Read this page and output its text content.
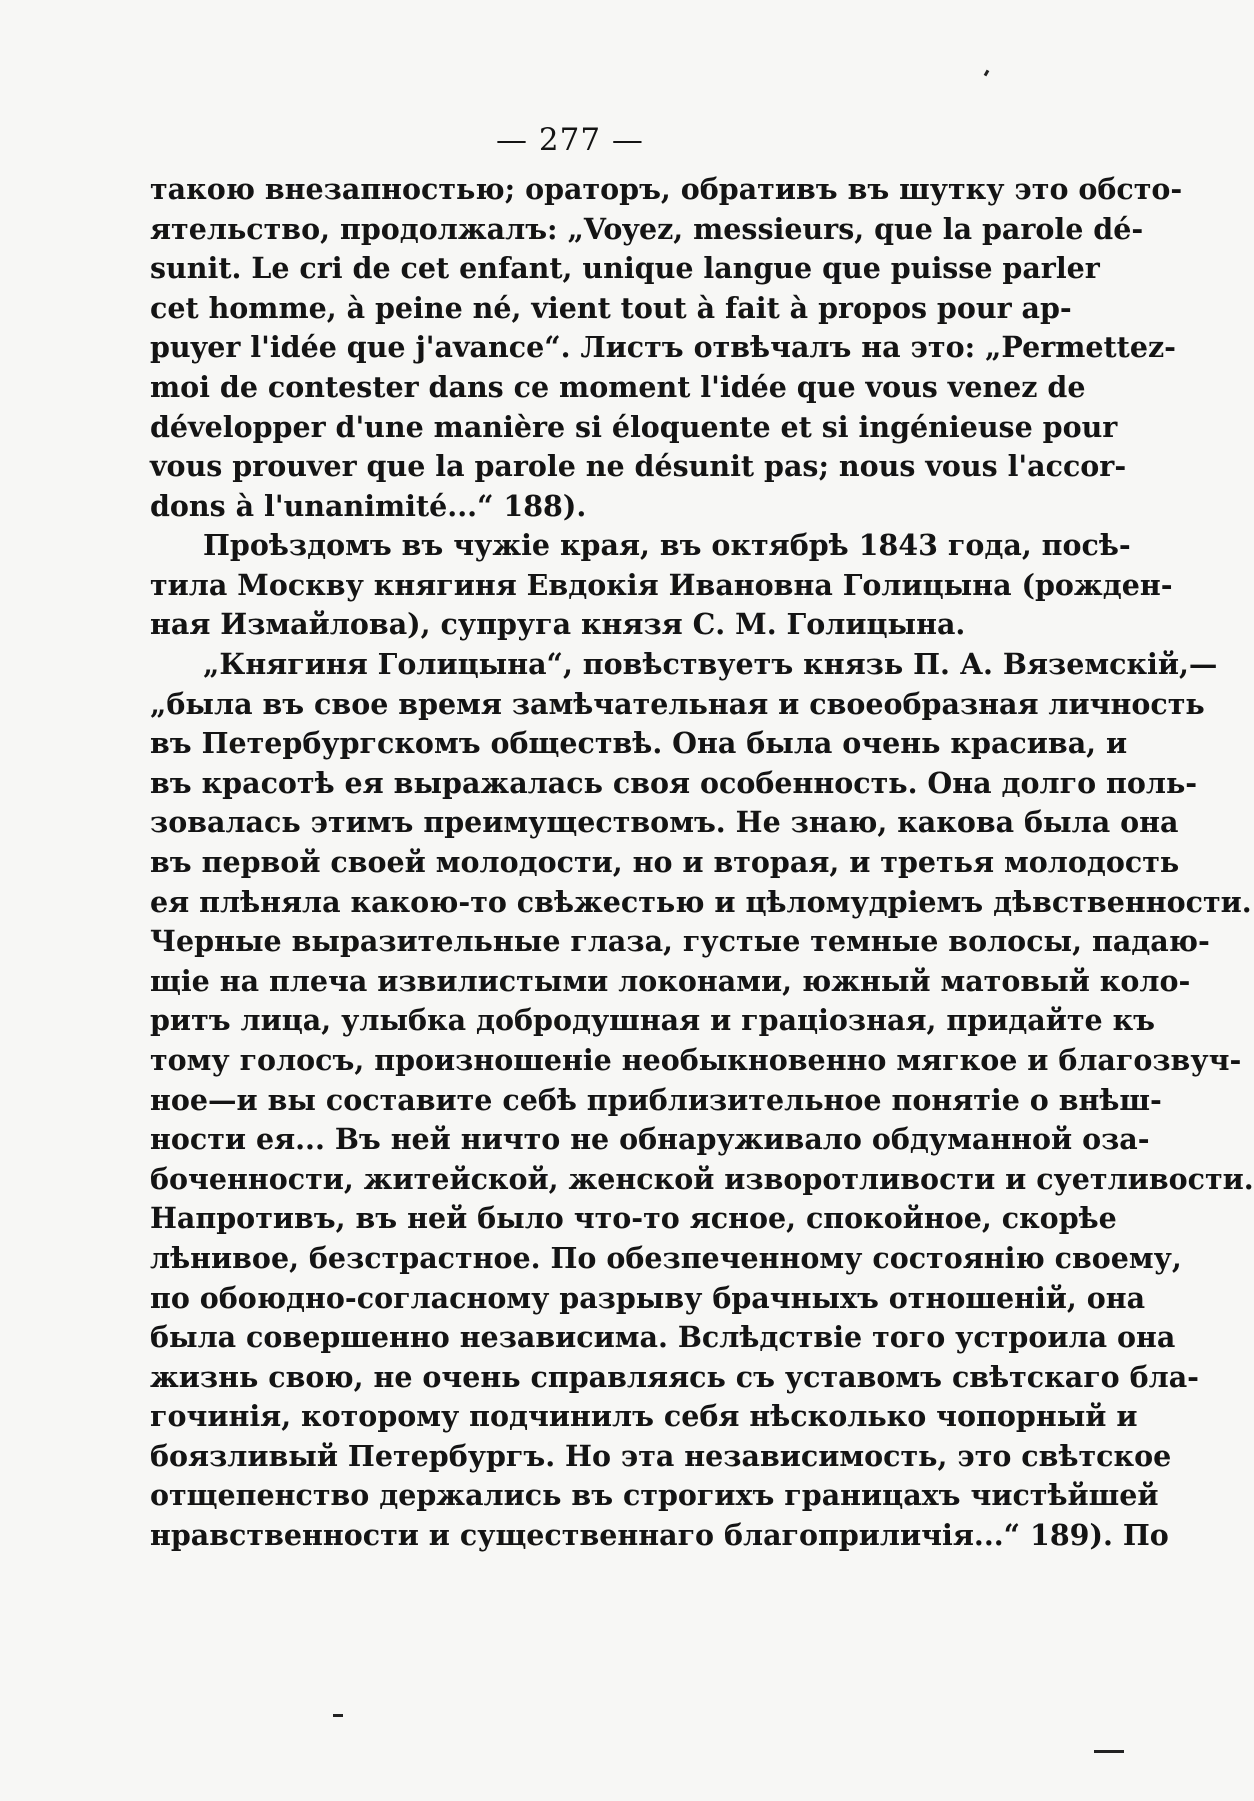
— 277 —
такою внезапностью; ораторъ, обративъ въ шутку это обсто-
ятельство, продолжалъ: „Voyez, messieurs, que la parole dé-
sunit. Le cri de cet enfant, unique langue que puisse parler
cet homme, à peine né, vient tout à fait à propos pour ap-
puyer l'idée que j'avance“. Листъ отвѣчалъ на это: „Permettez-
moi de contester dans ce moment l'idée que vous venez de
développer d'une manière si éloquente et si ingénieuse pour
vous prouver que la parole ne désunit pas; nous vous l'accor-
dons à l'unanimité...“ 188).
Проѣздомъ въ чужіе края, въ октябрѣ 1843 года, посѣ-
тила Москву княгиня Евдокія Ивановна Голицына (рожден-
ная Измайлова), супруга князя С. М. Голицына.
„Княгиня Голицына“, повѣствуетъ князь П. А. Вяземскій,—
„была въ свое время замѣчательная и своеобразная личность
въ Петербургскомъ обществѣ. Она была очень красива, и
въ красотѣ ея выражалась своя особенность. Она долго поль-
зовалась этимъ преимуществомъ. Не знаю, какова была она
въ первой своей молодости, но и вторая, и третья молодость
ея плѣняла какою-то свѣжестью и цѣломудріемъ дѣвственности.
Черные выразительные глаза, густые темные волосы, падаю-
щіе на плеча извилистыми локонами, южный матовый коло-
ритъ лица, улыбка добродушная и граціозная, придайте къ
тому голосъ, произношеніе необыкновенно мягкое и благозвуч-
ное—и вы составите себѣ приблизительное понятіе о внѣш-
ности ея... Въ ней ничто не обнаруживало обдуманной оза-
боченности, житейской, женской изворотливости и суетливости.
Напротивъ, въ ней было что-то ясное, спокойное, скорѣе
лѣнивое, безстрастное. По обезпеченному состоянію своему,
по обоюдно-согласному разрыву брачныхъ отношеній, она
была совершенно независима. Вслѣдствіе того устроила она
жизнь свою, не очень справляясь съ уставомъ свѣтскаго бла-
гочинія, которому подчинилъ себя нѣсколько чопорный и
боязливый Петербургъ. Но эта независимость, это свѣтское
отщепенство держались въ строгихъ границахъ чистѣйшей
нравственности и существеннаго благоприличія...“ 189). По
